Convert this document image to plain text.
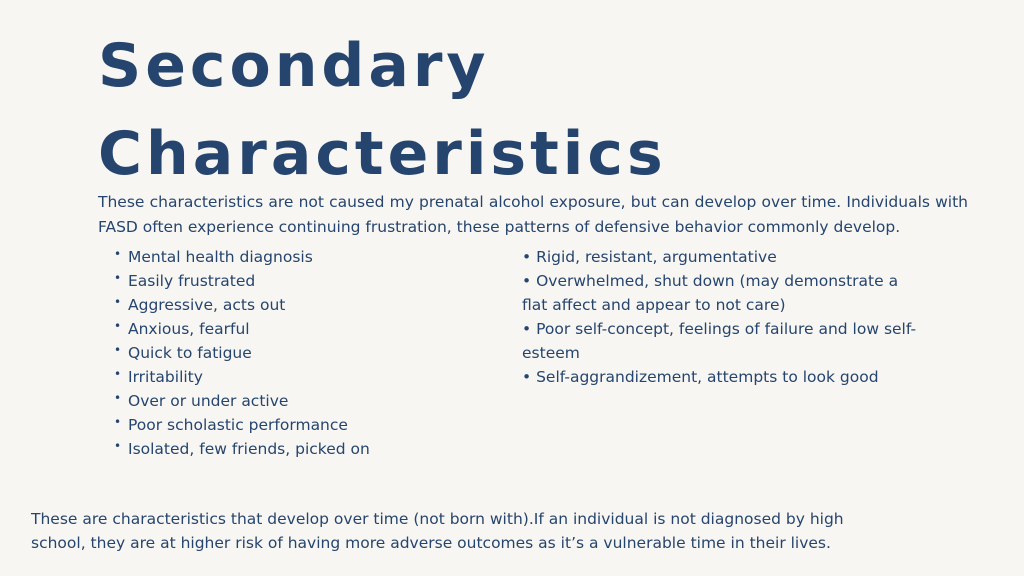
Secondary
Characteristics

These characteristics are not caused my prenatal alcohol exposure, but can develop over time. Individuals with FASD often experience continuing frustration, these patterns of defensive behavior commonly develop.

• Mental health diagnosis
• Easily frustrated
• Aggressive, acts out
• Anxious, fearful
• Quick to fatigue
• Irritability
• Over or under active
• Poor scholastic performance
• Isolated, few friends, picked on
• Rigid, resistant, argumentative
• Overwhelmed, shut down (may demonstrate a flat affect and appear to not care)
• Poor self-concept, feelings of failure and low self-esteem
• Self-aggrandizement, attempts to look good

These are characteristics that develop over time (not born with).If an individual is not diagnosed by high school, they are at higher risk of having more adverse outcomes as it’s a vulnerable time in their lives.
